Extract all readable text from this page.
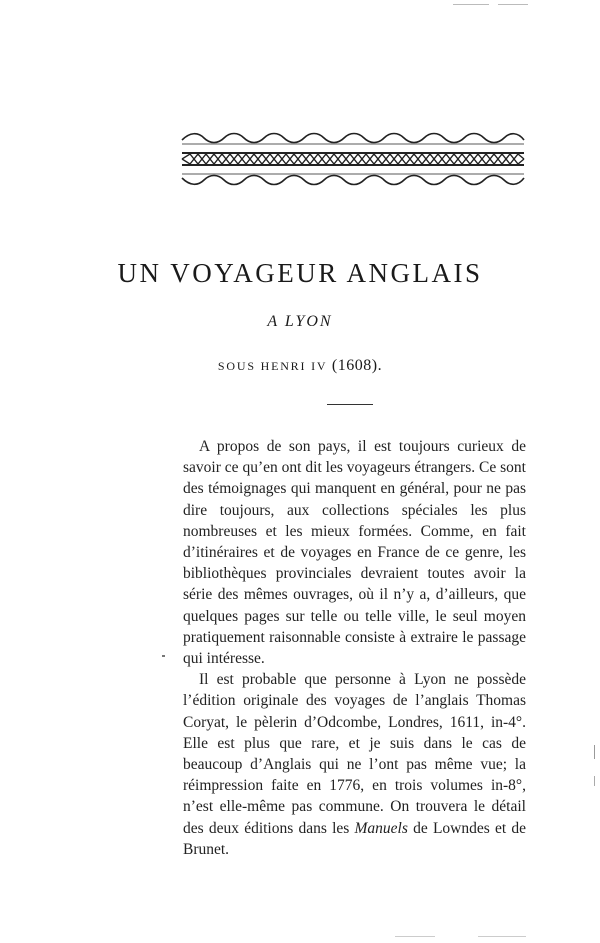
UN VOYAGEUR ANGLAIS
A LYON
SOUS HENRI IV (1608).

A propos de son pays, il est toujours curieux de savoir ce qu’en ont dit les voyageurs étrangers. Ce sont des témoignages qui manquent en général, pour ne pas dire toujours, aux collections spéciales les plus nombreuses et les mieux formées. Comme, en fait d’itinéraires et de voyages en France de ce genre, les bibliothèques provinciales devraient toutes avoir la série des mêmes ouvrages, où il n’y a, d’ailleurs, que quelques pages sur telle ou telle ville, le seul moyen pratiquement raisonnable consiste à extraire le passage qui intéresse.

Il est probable que personne à Lyon ne possède l’édition originale des voyages de l’anglais Thomas Coryat, le pèlerin d’Odcombe, Londres, 1611, in-4°. Elle est plus que rare, et je suis dans le cas de beaucoup d’Anglais qui ne l’ont pas même vue; la réimpression faite en 1776, en trois volumes in-8°, n’est elle-même pas commune. On trouvera le détail des deux éditions dans les Manuels de Lowndes et de Brunet.
